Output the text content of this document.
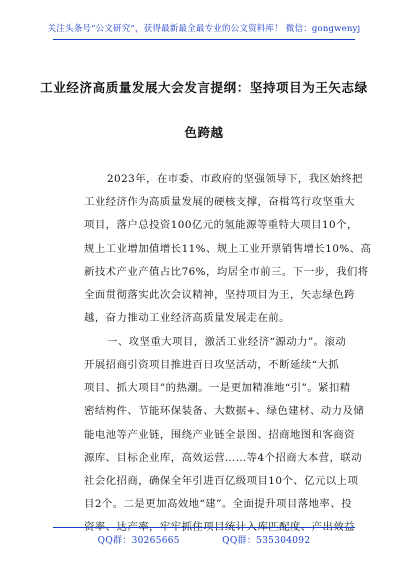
关注头条号“公文研究”，获得最新最全最专业的公文资料库！ 微信：gongwenyj
工业经济高质量发展大会发言提纲：坚持项目为王矢志绿
色跨越
2023年，在市委、市政府的坚强领导下，我区始终把
工业经济作为高质量发展的硬核支撑，奋楫笃行攻坚重大
项目，落户总投资100亿元的氢能源等重特大项目10个，
规上工业增加值增长11%、规上工业开票销售增长10%、高
新技术产业产值占比76%，均居全市前三。下一步，我们将
全面贯彻落实此次会议精神，坚持项目为王，矢志绿色跨
越，奋力推动工业经济高质量发展走在前。
一、攻坚重大项目，激活工业经济“源动力”。滚动
开展招商引资项目推进百日攻坚活动，不断延续“大抓
项目、抓大项目”的热潮。一是更加精准地“引”。紧扣精
密结构件、节能环保装备、大数据+、绿色建材、动力及储
能电池等产业链，围绕产业链全景图、招商地图和客商资
源库、目标企业库，高效运营……等4个招商大本营，联动
社会化招商，确保全年引进百亿级项目10个、亿元以上项
目2个。二是更加高效地“建”。全面提升项目落地率、投
资率、达产率，牢牢抓住项目统计入库匹配度、产出效益
QQ群：30265665	QQ群：535304092
